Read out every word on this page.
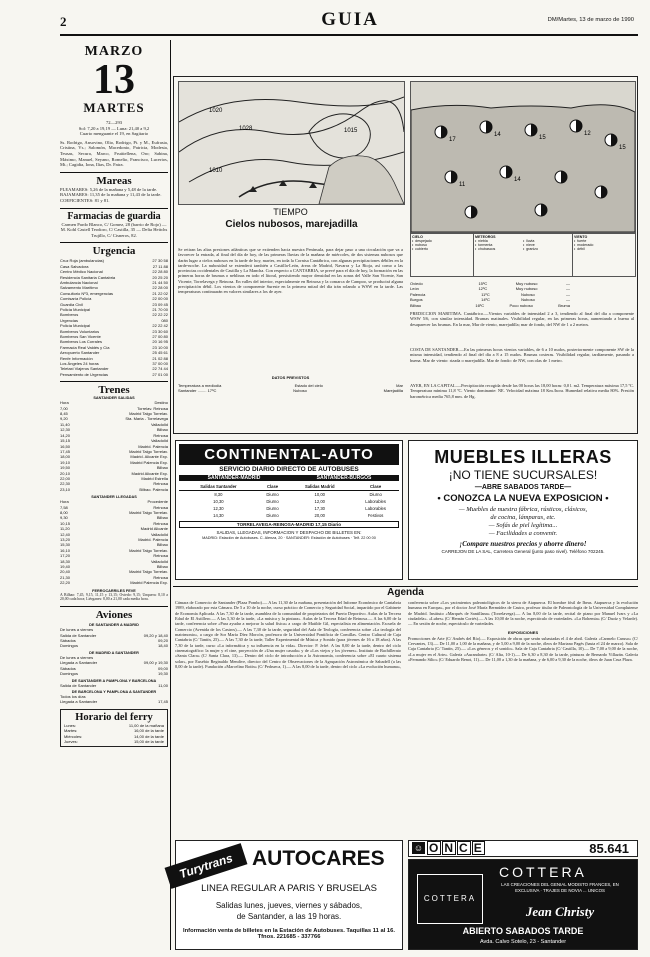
2	GUIA	DM/Martes, 13 de marzo de 1990
MARZO
13
MARTES
72—293
Sol: 7,20 a 19,19 — Luna: 21,40 a 9,2
Cuarto menguante el 19, en Sagitario
Ss. Rodrigo, Ansovino, Olio, Rodrigo, Pt. y M., Eufrasia, Cristina, Vs.; Salomón, Macedonio, Patricia, Modesta, Teusas, Secura, Marco, Fruttiellena, Oro; Sabina, Máximo, Manuel, Seyano, Romelio, Francisco, Lucerios, Mt.; Cagidia, Iona, Ilias, Dr. Fatra.
Mareas
PLEAMARES: 5,26 de la mañana y 5,48 de la tarde.
BAJAMARES: 11,35 de la mañana y 11,43 de la tarde.
COEFICIENTES: 81 y 81.
Farmacias de guardia
Carmen Pardo Blanco, C/ Gomez, 28 (barrio de Rojo) — M. Kohl Castell Teodoro, C/ Castilla, 35 — Delia Heitchs Trujillo, C/ Cisneros, 82.
Urgencia
Cruz Roja (ambulancias)	27 30 58
Casa Salvadora	27 11 88
Centro Médico Nacional	22 28 80
Residencia Sanitaria Cantabria	20 25 20
Ambulancia Nacional	21 44 50
Salvamento Marítimo	22 28 00
Consultorio Nº3, emergencias	21 22 02
Comisaría Policía	22 00 00
Guardia Civil	23 09 45
Policía Municipal	21 70 00
Bomberos	22 22 22
Urgencias	080
Policía Municipal	22 22 42
Bomberos Voluntarios	23 30 60
Bomberos San Vicente	27 00 80
Bomberos Los Corrales	20 16 95
Farmacia Real Valdés y Cía	23 10 00
Aeropuerto Santander	25 45 61
Renfe Información	21 02 88
Los Ángeles 24 horas	37 00 00
Teletaxi Viajeros Santander	22 74 44
Pensamiento de Urgencias	27 01 00
Trenes
SANTANDER SALIDAS
Hora	Destino
7,00	Torrelav. Reinosa
8,45	Madrid Talgo Torrelav.
9,20	Sta. Maria - Torrelavega
11,40	Valladolid
12,30	Bilbao
14,20	Reinosa
15,15	Valladolid
16,50	Madrid. Palencia
17,45	Madrid Talgo Torrelav.
18,00	Madrid. Alicante Exp.
19,10	Madrid Palencia Exp.
19,50	Bilbao
20,10	Madrid Alicante Exp.
22,00	Madrid Estrella
22,30	Reinosa
23,10	Bilbao. Palencia
SANTANDER LLEGADAS
Hora	Procedente
7,58	Reinosa
8,00	Madrid Talgo Torrelav.
9,30	Bilbao
10,15	Reinosa
11,20	Madrid Alicante
12,40	Valladolid
13,20	Madrid. Palencia
15,30	Bilbao
16,10	Madrid Talgo Torrelav.
17,20	Reinosa
18,30	Valladolid
19,40	Bilbao
20,40	Madrid Talgo Torrelav.
21,30	Reinosa
22,20	Madrid Palencia Exp.
FERROCARRILES FEVE
A Bilbao: 7,45, 9,15, 11,15 y 13,15; Oviedo: 9,15; Unquera: 8,10 a 20,00 cada hora; Liérganes: 8,00 a 21,00 cada media hora.
Aviones
DE SANTANDER A MADRID
De lunes a viernes
Salida de Santander	09,20 y 18,40
Sábados	09,20
Domingos	18,40
DE MADRID A SANTANDER
De lunes a viernes
Llegada a Santander	09,00 y 19,30
Sábados	09,00
Domingos	19,30
DE SANTANDER A PAMPLONA Y BARCELONA
Salida de Santander	11,00
DE BARCELONA Y PAMPLONA A SANTANDER
Todos los días
Llegada a Santander	17,45
Horario del ferry
Lunes:	11,00 de la mañana
Martes:	16,00 de la tarde
Miércoles:	14,00 de la tarde
Jueves:	15,00 de la tarde
1020
1028	1015
1010
TIEMPO
Cielos nubosos, marejadilla
Se retiran las altas presiones atlánticas que se extienden hacia nuestra Península, para dejar paso a una circulación que va a favorecer la entrada, al final del día de hoy, de las primeras lluvias de la mañana de miércoles, de dos sistemas nubosos que darán lugar a cielos nubosos en la tarde de hoy, martes, en toda la Cornisa Cantábrica, con algunas precipitaciones débiles en la tarde-noche. La nubosidad se extenderá también a Castilla-León, áreas de Madrid, Navarra y La Rioja, así como a las provincias occidentales de Castilla y La Mancha. Con respecto a CANTABRIA, se prevé para el día de hoy, la formación en las primeras horas de brumas o neblinas en todo el litoral, persistiendo mayor densidad en las zonas del Valle San Vicente, San Vicente, Torrelavega y Reinosa. En valles del interior, especialmente en Reinosa y la comarca de Campoo, se producirá alguna precipitación débil. Los vientos de componente Sureste en la primera mitad del día irán rolando a WSW en la tarde. Las temperaturas continuarán en valores similares a los de ayer.
DATOS PREVISTOS
Temperatura a mediodía	Estado del cielo	Mar
Santander ........ 17ºC	Nuboso	Marejadilla
17
14	15
12
15
11
14
CIELO
◐ despejado
◐ nuboso
◐ cubierto
METEOROS
◐ niebla	◐ lluvia
◐ tormenta	◐ nieve
◐ chubascos	◐ granizo
VIENTO
◐ fuerte
◐ moderado
◐ débil
Oviedo	15ºC	Muy nuboso	—
León	12ºC	Muy nuboso	—
Palencia	11ºC	Nuboso	—
Burgos	14ºC	Nuboso	—
Bilbao	16ºC	Poco nuboso	Bruma
PREDICCION MARITIMA. Cantábrico.—Vientos variables de intensidad 2 a 3, tendiendo al final del día a componente WSW 5/6, con similar intensidad. Brumas matinales. Visibilidad regular, en las primeras horas, aumentando a buena al desaparecer las brumas. En la mar, Mar de viento, marejadilla; mar de fondo, del NW de 1 a 2 metros.
COSTA DE SANTANDER.—En las primeras horas vientos variables, de 6 a 10 nudos, posteriormente componente SW de la misma intensidad, tendiendo al final del día a 8 a 15 nudos. Brumas costeras. Visibilidad regular, tardíamente, pasando a buena. Mar de viento: rizada o marejadilla. Mar de fondo: de NW, con olas de 1 metro.
AYER, EN LA CAPITAL.—Precipitación recogida desde las 00 horas las 18,00 horas: 0,0 l. m2. Temperatura máxima 17,5 ºC. Temperatura mínima 11,8 ºC. Viento dominante: NE. Velocidad máxima 18 Km./hora. Humedad relativa media 80%. Presión barométrica media 765,8 mm. de Hg.
CONTINENTAL-AUTO
SERVICIO DIARIO DIRECTO DE AUTOBUSES
SANTANDER-MADRID	SANTANDER-BURGOS
Salidas Santander	Clase	Salidas Madrid	Clase
8,30	Diurno	10,00	Diurno
10,30	Diurno	12,00	Laborables
12,30	Diurno	17,30	Laborables
14,30	Diurno	20,00	Festivos
TORRELAVEGA-REINOSA-MADRID 17,15 Diario
SALIDAS, LLEGADAS, INFORMACION Y DESPACHO DE BILLETES EN:
MADRID: Estación de Autobuses. C. Alenza, 20 · SANTANDER: Estación de Autobuses · Telf. 22 00 00
MUEBLES ILLERAS
¡NO TIENE SUCURSALES!
—ABRE SABADOS TARDE—
• CONOZCA LA NUEVA EXPOSICION •
— Muebles de nuestra fábrica, rústicos, clásicos,
de cocina, lámparas, etc.
— Sofás de piel legítima...
— Facilidades a convenir.
¡Compare nuestros precios y ahorre dinero!
CARREJON DE LA SAL, Carretera General (junto paso nivel). Teléfono 702245.
Agenda
Cámara de Comercio de Santander (Plaza Pombo).— A las 11,30 de la mañana, presentación del Informe Económico de Cantabria 1989, elaborado por esta Cámara. De 5 a 10 de la noche, curso práctico de Comercio y Seguridad Social, impartido por el Gabinete de Economía Aplicada. A las 7,30 de la tarde, asamblea de la comunidad de propietarios del Puerto Deportivo. Aulas de la Tercera Edad de El Astillero.— A las 5,30 de la tarde, «La música y la pintura». Aulas de la Tercera Edad de Reinosa.— A las 6,00 de la tarde, conferencia sobre «Para ayudar a mejorar la salud física» a cargo de Matilde Gil, especialista en alimentación. Escuela de Comercio (Avenida de los Castros).— A las 7,30 de la tarde, seguridad del Aula de Teología, conferencia sobre «La teología del matrimonio», a cargo de Sor María Díez Morcón, profesora de la Universidad Pontificia de Comillas. Centro Cultural de Caja Cantabria (C/ Tantín, 25).— A las 7,30 de la tarde, Taller Experimental de Música y Sonido (para jóvenes de 16 a 18 años). A las 7,30 de la tarde, curso «La informática y su influencia en la vida». Director: P. Jefré. A las 8,00 de la tarde, dentro del ciclo cinematográfico: la mujer y el cine, proyección de «Una mujer casada» y de «Los viejos y los jóvenes». Instituto de Bachillerato «Santa Clara» (C/ Santa Clara, 13).— Dentro del ciclo de introducción a la Astronomía, conferencia sobre «El cuarto sistema solar», por Eusebio Reginaldo Mendive, director del Centro de Observaciones de la Agrupación Astronómica de Sabadell (a las 8,00 de la tarde). Fundación «Marcelino Botín» (C/ Pedrueca, 1).— A las 8,00 de la tarde, dentro del ciclo «La evolución humana»,
conferencia sobre «Los yacimientos paleontológicos de la sierra de Atapuerca. El hombre fósil de Ibeas. Atapuerca y la evolución humana en Europa», por el doctor José María Bermúdez de Castro, profesor titular de Paleontología de la Universidad Complutense de Madrid. Instituto «Marqués de Santillana» (Torrelavega).— A las 8,00 de la tarde, recital de piano por Manuel Ivars y «La ciudadela». «Lubes» (C/ Hernán Cortés).— A las 10,00 de la noche, espectáculo de variedades. «La Bohemia» (C/ Daoíz y Velarde).— En sesión de noche, espectáculo de variedades.
EXPOSICIONES
Promociones de Arte (C/ Andrés del Río).— Exposición de obras que serán subastadas el 4 de abril. Galería «Carmelo Caruso» (C/ Cervantes, 13).— De 11,00 a 1,00 de la mañana, y de 5,00 a 9,00 de la noche, óleos de Mariano Pagés (hasta el 24 de marzo). Sala de Caja Cantabria (C/ Tantín, 25).— «Los géneros y el sonido». Sala de Caja Cantabria (C/ Castilla, 10).— De 7,00 a 9,00 de la noche, «La mujer en el Arte». Galería «Aurandarte» (C/ Alta, 10-1).— De 6,30 a 8,30 de la tarde, pinturas de Bernardo Villazán. Galería «Fernando Silio» (C/ Eduardo Benot, 11).— De 11,00 a 1,30 de la mañana, y de 6,00 a 9,30 de la noche, óleos de Juan Cruz Plaza.
Turytrans AUTOCARES
LINEA REGULAR A PARIS Y BRUSELAS
Salidas lunes, jueves, viernes y sábados,
de Santander, a las 19 horas.
Información venta de billetes en la Estación de Autobuses. Taquillas 11 al 16. Tfnos. 221685 - 337766
☺ O N C E	85.641
COTTERA
COTTERA
LAS CREACIONES DEL GENIAL MODISTO FRANCES, EN EXCLUSIVA · TRAJES DE NOVIA ... UNICOS
Jean Christy
ABIERTO SABADOS TARDE
Avda. Calvo Sotelo, 23 - Santander
